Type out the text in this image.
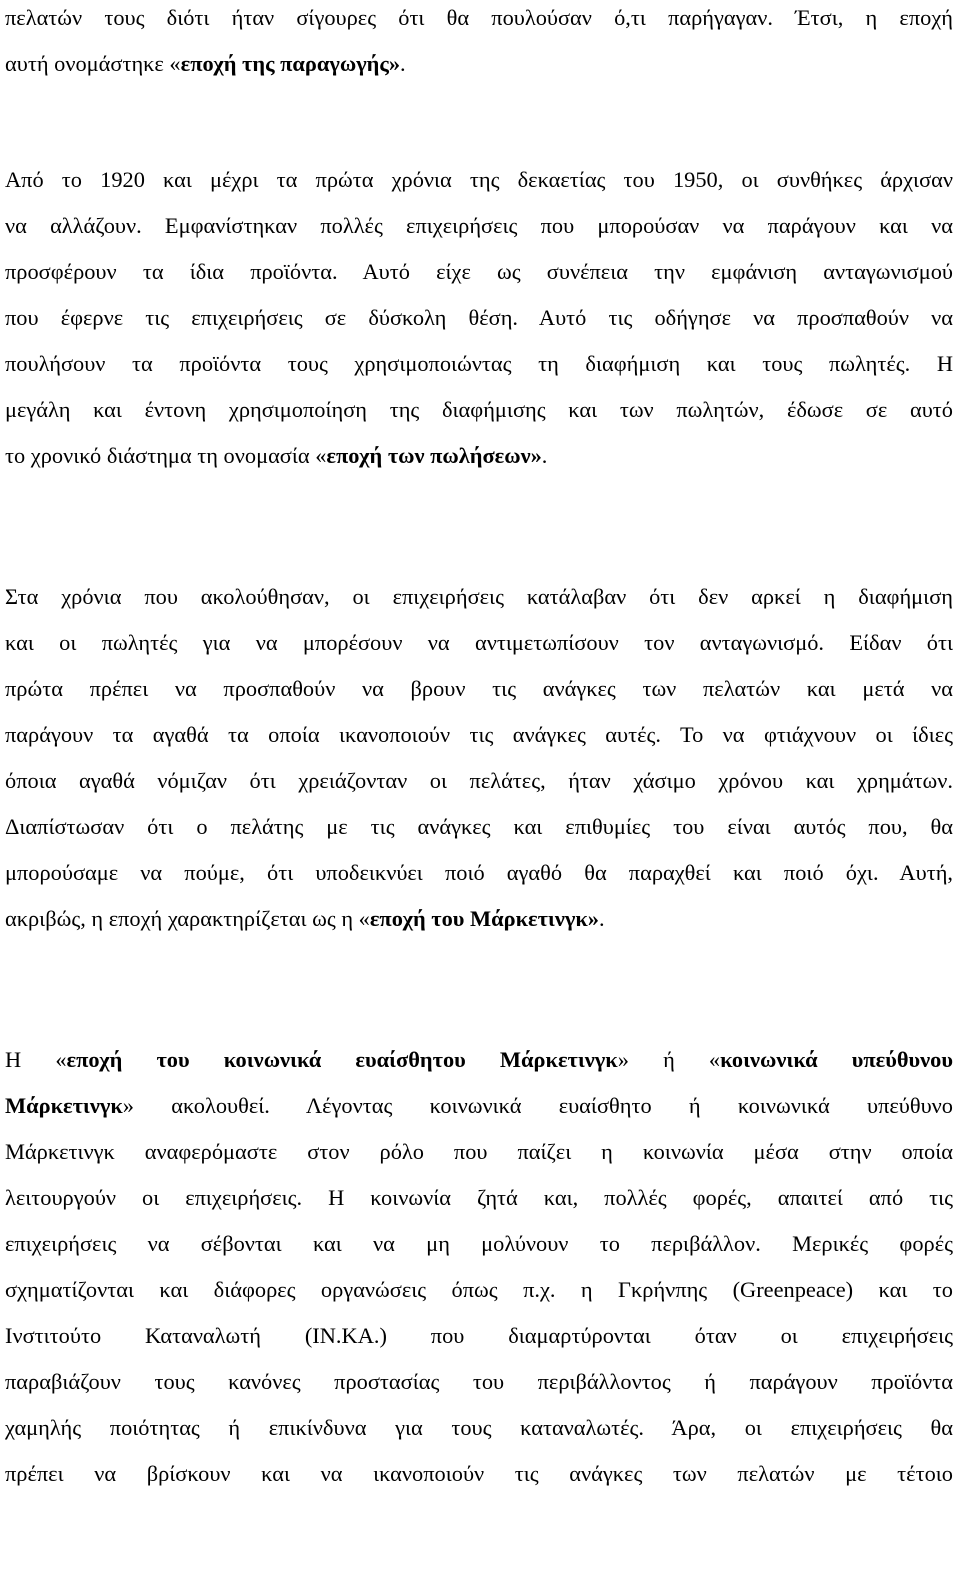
πελατών τους διότι ήταν σίγουρες ότι θα πουλούσαν ό,τι παρήγαγαν. Έτσι, η εποχή
αυτή ονομάστηκε «εποχή της παραγωγής».
Από το 1920 και μέχρι τα πρώτα χρόνια της δεκαετίας του 1950, οι συνθήκες άρχισαν
να αλλάζουν. Εμφανίστηκαν πολλές επιχειρήσεις που μπορούσαν να παράγουν και να
προσφέρουν τα ίδια προϊόντα. Αυτό είχε ως συνέπεια την εμφάνιση ανταγωνισμού
που έφερνε τις επιχειρήσεις σε δύσκολη θέση. Αυτό τις οδήγησε να προσπαθούν να
πουλήσουν τα προϊόντα τους χρησιμοποιώντας τη διαφήμιση και τους πωλητές. Η
μεγάλη και έντονη χρησιμοποίηση της διαφήμισης και των πωλητών, έδωσε σε αυτό
το χρονικό διάστημα τη ονομασία «εποχή των πωλήσεων».
Στα χρόνια που ακολούθησαν, οι επιχειρήσεις κατάλαβαν ότι δεν αρκεί η διαφήμιση
και οι πωλητές για να μπορέσουν να αντιμετωπίσουν τον ανταγωνισμό. Είδαν ότι
πρώτα πρέπει να προσπαθούν να βρουν τις ανάγκες των πελατών και μετά να
παράγουν τα αγαθά τα οποία ικανοποιούν τις ανάγκες αυτές. Το να φτιάχνουν οι ίδιες
όποια αγαθά νόμιζαν ότι χρειάζονταν οι πελάτες, ήταν χάσιμο χρόνου και χρημάτων.
Διαπίστωσαν ότι ο πελάτης με τις ανάγκες και επιθυμίες του είναι αυτός που, θα
μπορούσαμε να πούμε, ότι υποδεικνύει ποιό αγαθό θα παραχθεί και ποιό όχι. Αυτή,
ακριβώς, η εποχή χαρακτηρίζεται ως η «εποχή του Μάρκετινγκ».
Η «εποχή του κοινωνικά ευαίσθητου Μάρκετινγκ» ή «κοινωνικά υπεύθυνου
Μάρκετινγκ» ακολουθεί. Λέγοντας κοινωνικά ευαίσθητο ή κοινωνικά υπεύθυνο
Μάρκετινγκ αναφερόμαστε στον ρόλο που παίζει η κοινωνία μέσα στην οποία
λειτουργούν οι επιχειρήσεις. Η κοινωνία ζητά και, πολλές φορές, απαιτεί από τις
επιχειρήσεις να σέβονται και να μη μολύνουν το περιβάλλον. Μερικές φορές
σχηματίζονται και διάφορες οργανώσεις όπως π.χ. η Γκρήνπης (Greenpeace) και το
Ινστιτούτο Καταναλωτή (ΙΝ.ΚΑ.) που διαμαρτύρονται όταν οι επιχειρήσεις
παραβιάζουν τους κανόνες προστασίας του περιβάλλοντος ή παράγουν προϊόντα
χαμηλής ποιότητας ή επικίνδυνα για τους καταναλωτές. Άρα, οι επιχειρήσεις θα
πρέπει να βρίσκουν και να ικανοποιούν τις ανάγκες των πελατών με τέτοιο
